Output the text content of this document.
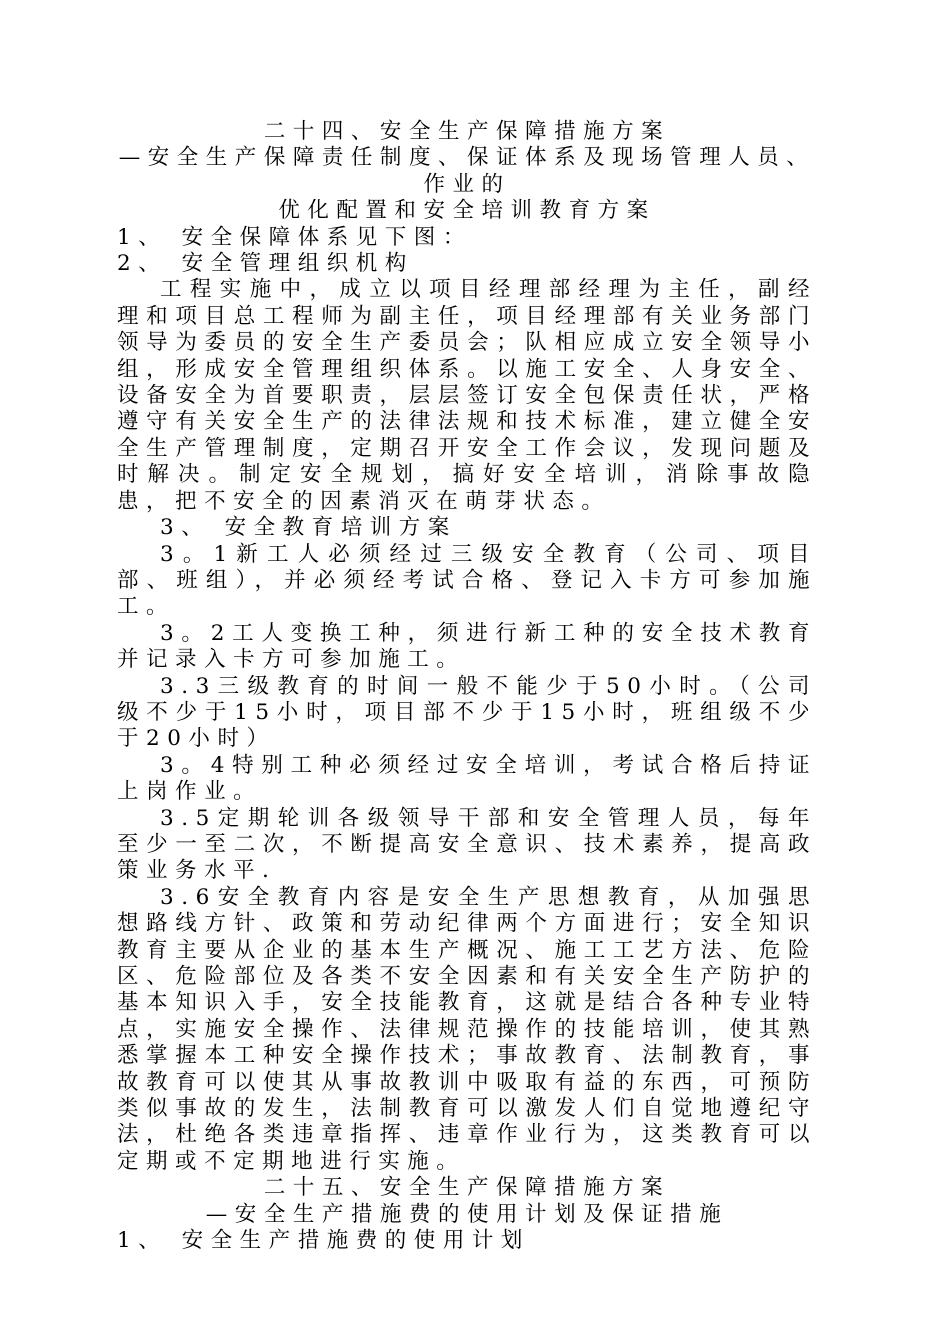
二十四、安全生产保障措施方案

—安全生产保障责任制度、保证体系及现场管理人员、作业的

优化配置和安全培训教育方案

1、 安全保障体系见下图：

2、 安全管理组织机构

工程实施中，成立以项目经理部经理为主任，副经理和项目总工程师为副主任，项目经理部有关业务部门领导为委员的安全生产委员会；队相应成立安全领导小组，形成安全管理组织体系。以施工安全、人身安全、设备安全为首要职责，层层签订安全包保责任状，严格遵守有关安全生产的法律法规和技术标准，建立健全安全生产管理制度，定期召开安全工作会议，发现问题及时解决。制定安全规划，搞好安全培训，消除事故隐患，把不安全的因素消灭在萌芽状态。

3、 安全教育培训方案

3。1新工人必须经过三级安全教育（公司、项目部、班组），并必须经考试合格、登记入卡方可参加施工。

3。2工人变换工种，须进行新工种的安全技术教育并记录入卡方可参加施工。

3.3三级教育的时间一般不能少于50小时。（公司级不少于15小时，项目部不少于15小时，班组级不少于20小时）

3。4特别工种必须经过安全培训，考试合格后持证上岗作业。

3.5定期轮训各级领导干部和安全管理人员，每年至少一至二次，不断提高安全意识、技术素养，提高政策业务水平．

3.6安全教育内容是安全生产思想教育，从加强思想路线方针、政策和劳动纪律两个方面进行；安全知识教育主要从企业的基本生产概况、施工工艺方法、危险区、危险部位及各类不安全因素和有关安全生产防护的基本知识入手，安全技能教育，这就是结合各种专业特点，实施安全操作、法律规范操作的技能培训，使其熟悉掌握本工种安全操作技术；事故教育、法制教育，事故教育可以使其从事故教训中吸取有益的东西，可预防类似事故的发生，法制教育可以激发人们自觉地遵纪守法，杜绝各类违章指挥、违章作业行为，这类教育可以定期或不定期地进行实施。

二十五、安全生产保障措施方案

—安全生产措施费的使用计划及保证措施

1、 安全生产措施费的使用计划
